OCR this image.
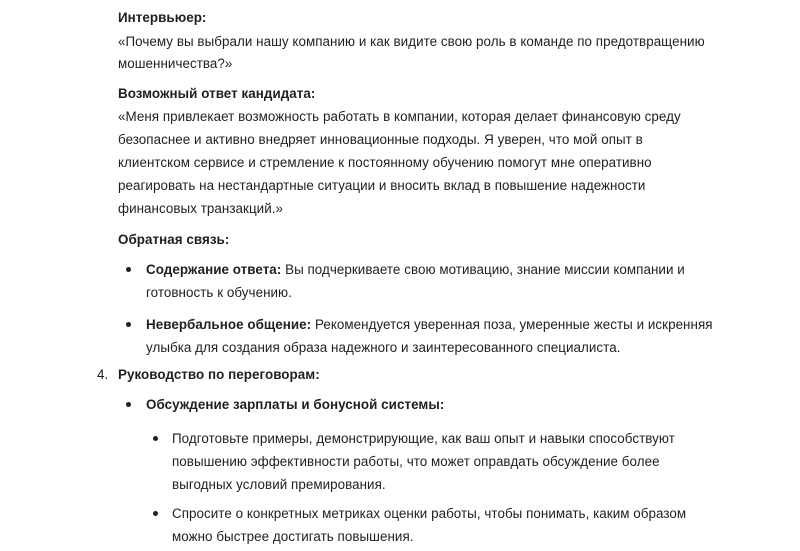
Интервьюер:
«Почему вы выбрали нашу компанию и как видите свою роль в команде по предотвращению
мошенничества?»
Возможный ответ кандидата:
«Меня привлекает возможность работать в компании, которая делает финансовую среду
безопаснее и активно внедряет инновационные подходы. Я уверен, что мой опыт в
клиентском сервисе и стремление к постоянному обучению помогут мне оперативно
реагировать на нестандартные ситуации и вносить вклад в повышение надежности
финансовых транзакций.»
Обратная связь:
Содержание ответа: Вы подчеркиваете свою мотивацию, знание миссии компании и
готовность к обучению.
Невербальное общение: Рекомендуется уверенная поза, умеренные жесты и искренняя
улыбка для создания образа надежного и заинтересованного специалиста.
4. Руководство по переговорам:
Обсуждение зарплаты и бонусной системы:
Подготовьте примеры, демонстрирующие, как ваш опыт и навыки способствуют
повышению эффективности работы, что может оправдать обсуждение более
выгодных условий премирования.
Спросите о конкретных метриках оценки работы, чтобы понимать, каким образом
можно быстрее достигать повышения.
